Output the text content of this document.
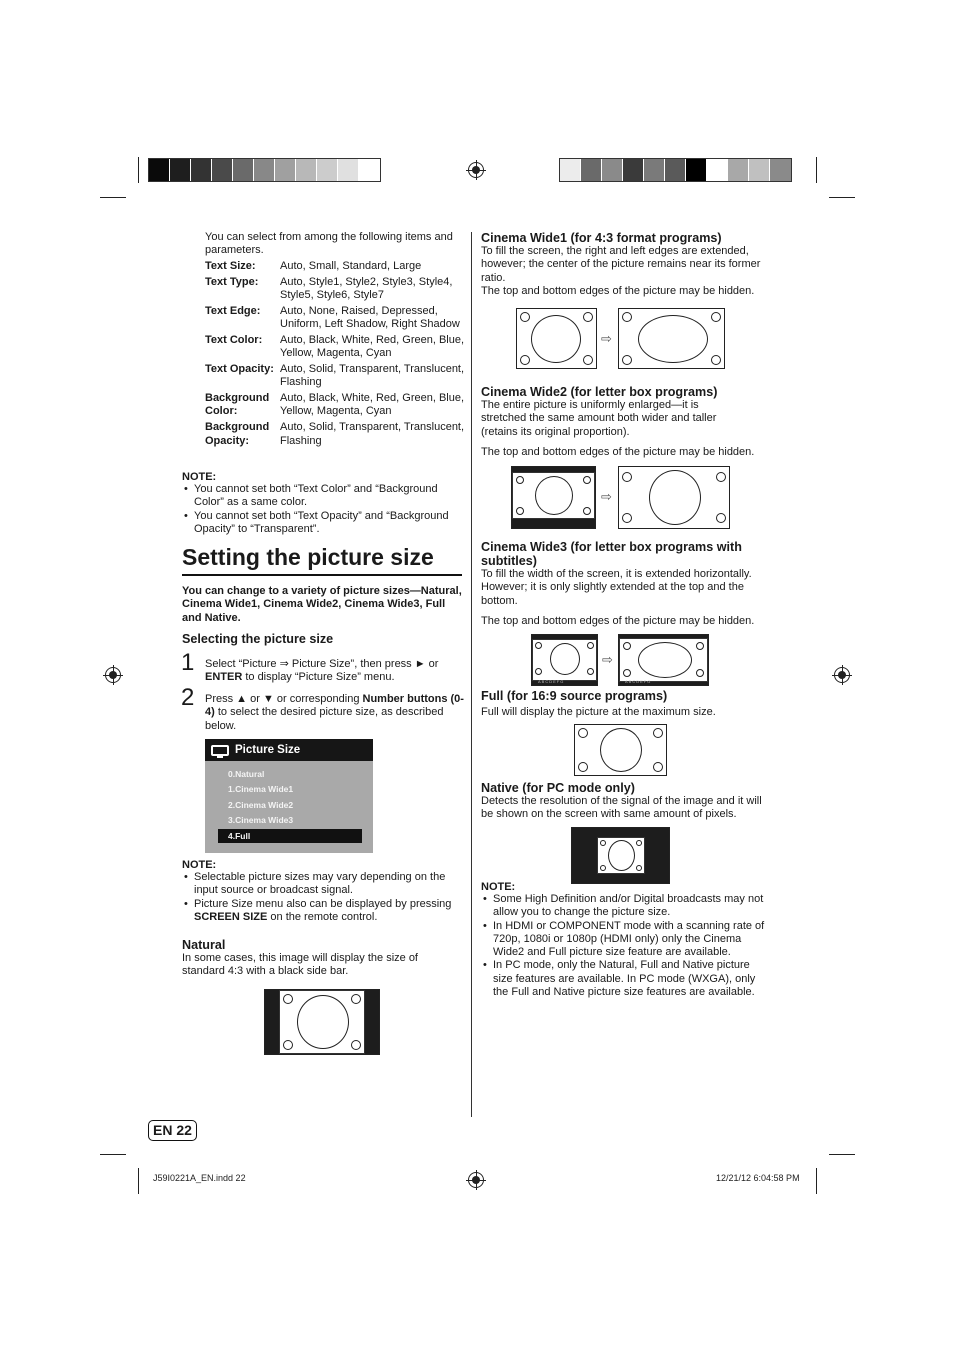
You can select from among the following items and parameters.
Text Size:	Auto, Small, Standard, Large
Text Type:	Auto, Style1, Style2, Style3, Style4, Style5, Style6, Style7
Text Edge:	Auto, None, Raised, Depressed, Uniform, Left Shadow, Right Shadow
Text Color:	Auto, Black, White, Red, Green, Blue, Yellow, Magenta, Cyan
Text Opacity: Auto, Solid, Transparent, Translucent, Flashing
Background Color:
Auto, Black, White, Red, Green, Blue, Yellow, Magenta, Cyan
Background Opacity:
Auto, Solid, Transparent, Translucent, Flashing
NOTE:
• You cannot set both “Text Color” and “Background Color” as a same color.
• You cannot set both “Text Opacity” and “Background Opacity” to “Transparent”.
Setting the picture size
You can change to a variety of picture sizes—Natural, Cinema Wide1, Cinema Wide2, Cinema Wide3, Full and Native.
Selecting the picture size
1 Select “Picture ⇒ Picture Size”, then press ► or ENTER to display “Picture Size” menu.
2 Press ▲ or ▼ or corresponding Number buttons (0-4) to select the desired picture size, as described below.
Picture Size
0.Natural
1.Cinema Wide1
2.Cinema Wide2
3.Cinema Wide3
4.Full
NOTE:
• Selectable picture sizes may vary depending on the input source or broadcast signal.
• Picture Size menu also can be displayed by pressing SCREEN SIZE on the remote control.
Natural
In some cases, this image will display the size of standard 4:3 with a black side bar.
Cinema Wide1 (for 4:3 format programs)
To fill the screen, the right and left edges are extended, however; the center of the picture remains near its former ratio.
The top and bottom edges of the picture may be hidden.
⇨
Cinema Wide2 (for letter box programs)
The entire picture is uniformly enlarged—it is stretched the same amount both wider and taller (retains its original proportion).
The top and bottom edges of the picture may be hidden.
⇨
Cinema Wide3 (for letter box programs with subtitles)
To fill the width of the screen, it is extended horizontally. However; it is only slightly extended at the top and the bottom.
The top and bottom edges of the picture may be hidden.
ABCDEFG
⇨
ABCDEFG
Full (for 16:9 source programs)
Full will display the picture at the maximum size.
Native (for PC mode only)
Detects the resolution of the signal of the image and it will be shown on the screen with same amount of pixels.
NOTE:
• Some High Definition and/or Digital broadcasts may not allow you to change the picture size.
• In HDMI or COMPONENT mode with a scanning rate of 720p, 1080i or 1080p (HDMI only) only the Cinema Wide2 and Full picture size feature are available.
• In PC mode, only the Natural, Full and Native picture size features are available. In PC mode (WXGA), only the Full and Native picture size features are available.
EN 22
J59I0221A_EN.indd 22	12/21/12 6:04:58 PM
